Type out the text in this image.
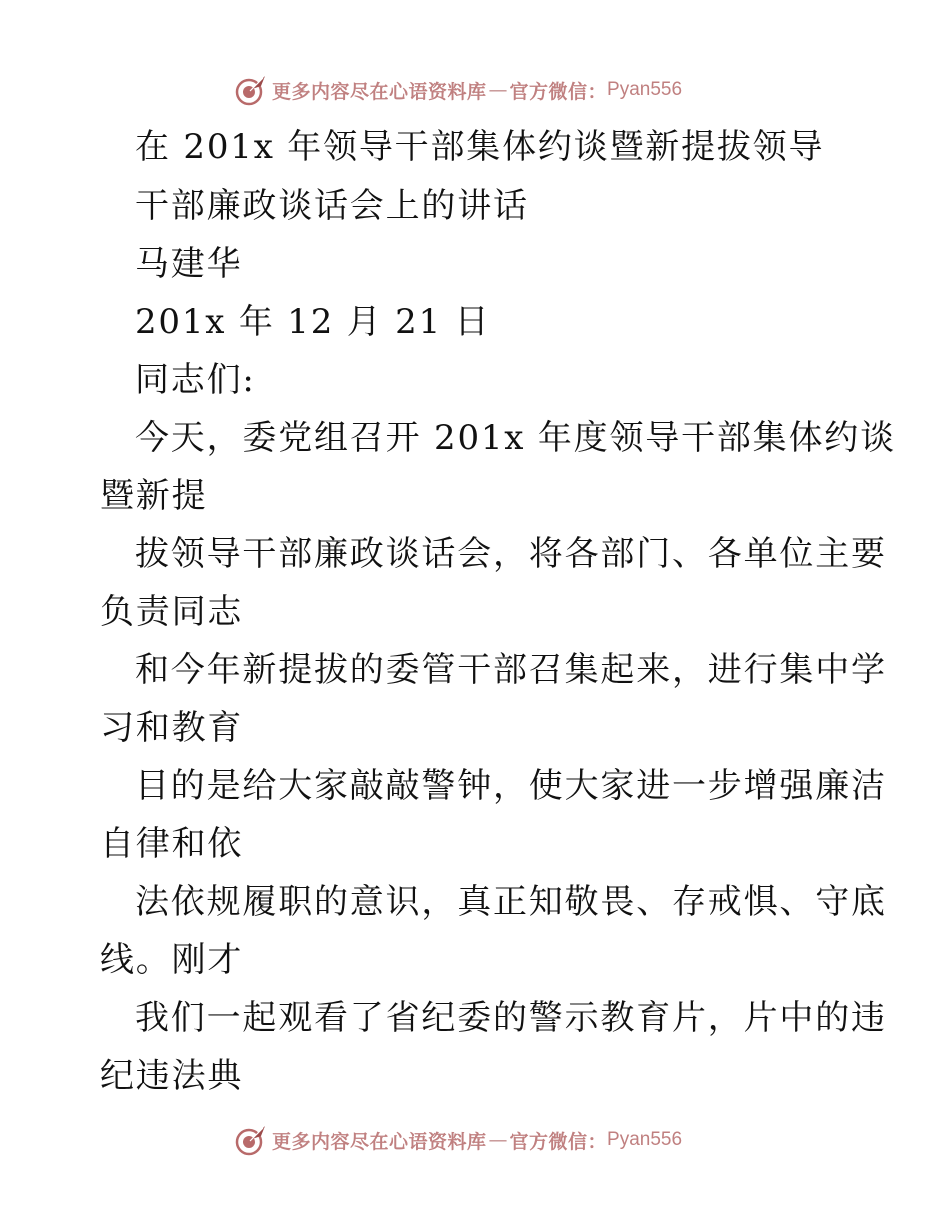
更多内容尽在心语资料库 — 官方微信： Pyan556
在 201x 年领导干部集体约谈暨新提拔领导
干部廉政谈话会上的讲话
马建华
201x 年 12 月 21 日
同志们:
今天，委党组召开 201x 年度领导干部集体约谈
暨新提
拔领导干部廉政谈话会，将各部门、各单位主要
负责同志
和今年新提拔的委管干部召集起来，进行集中学
习和教育
目的是给大家敲敲警钟，使大家进一步增强廉洁
自律和依
法依规履职的意识，真正知敬畏、存戒惧、守底
线。刚才
我们一起观看了省纪委的警示教育片，片中的违
纪违法典
更多内容尽在心语资料库 — 官方微信： Pyan556
